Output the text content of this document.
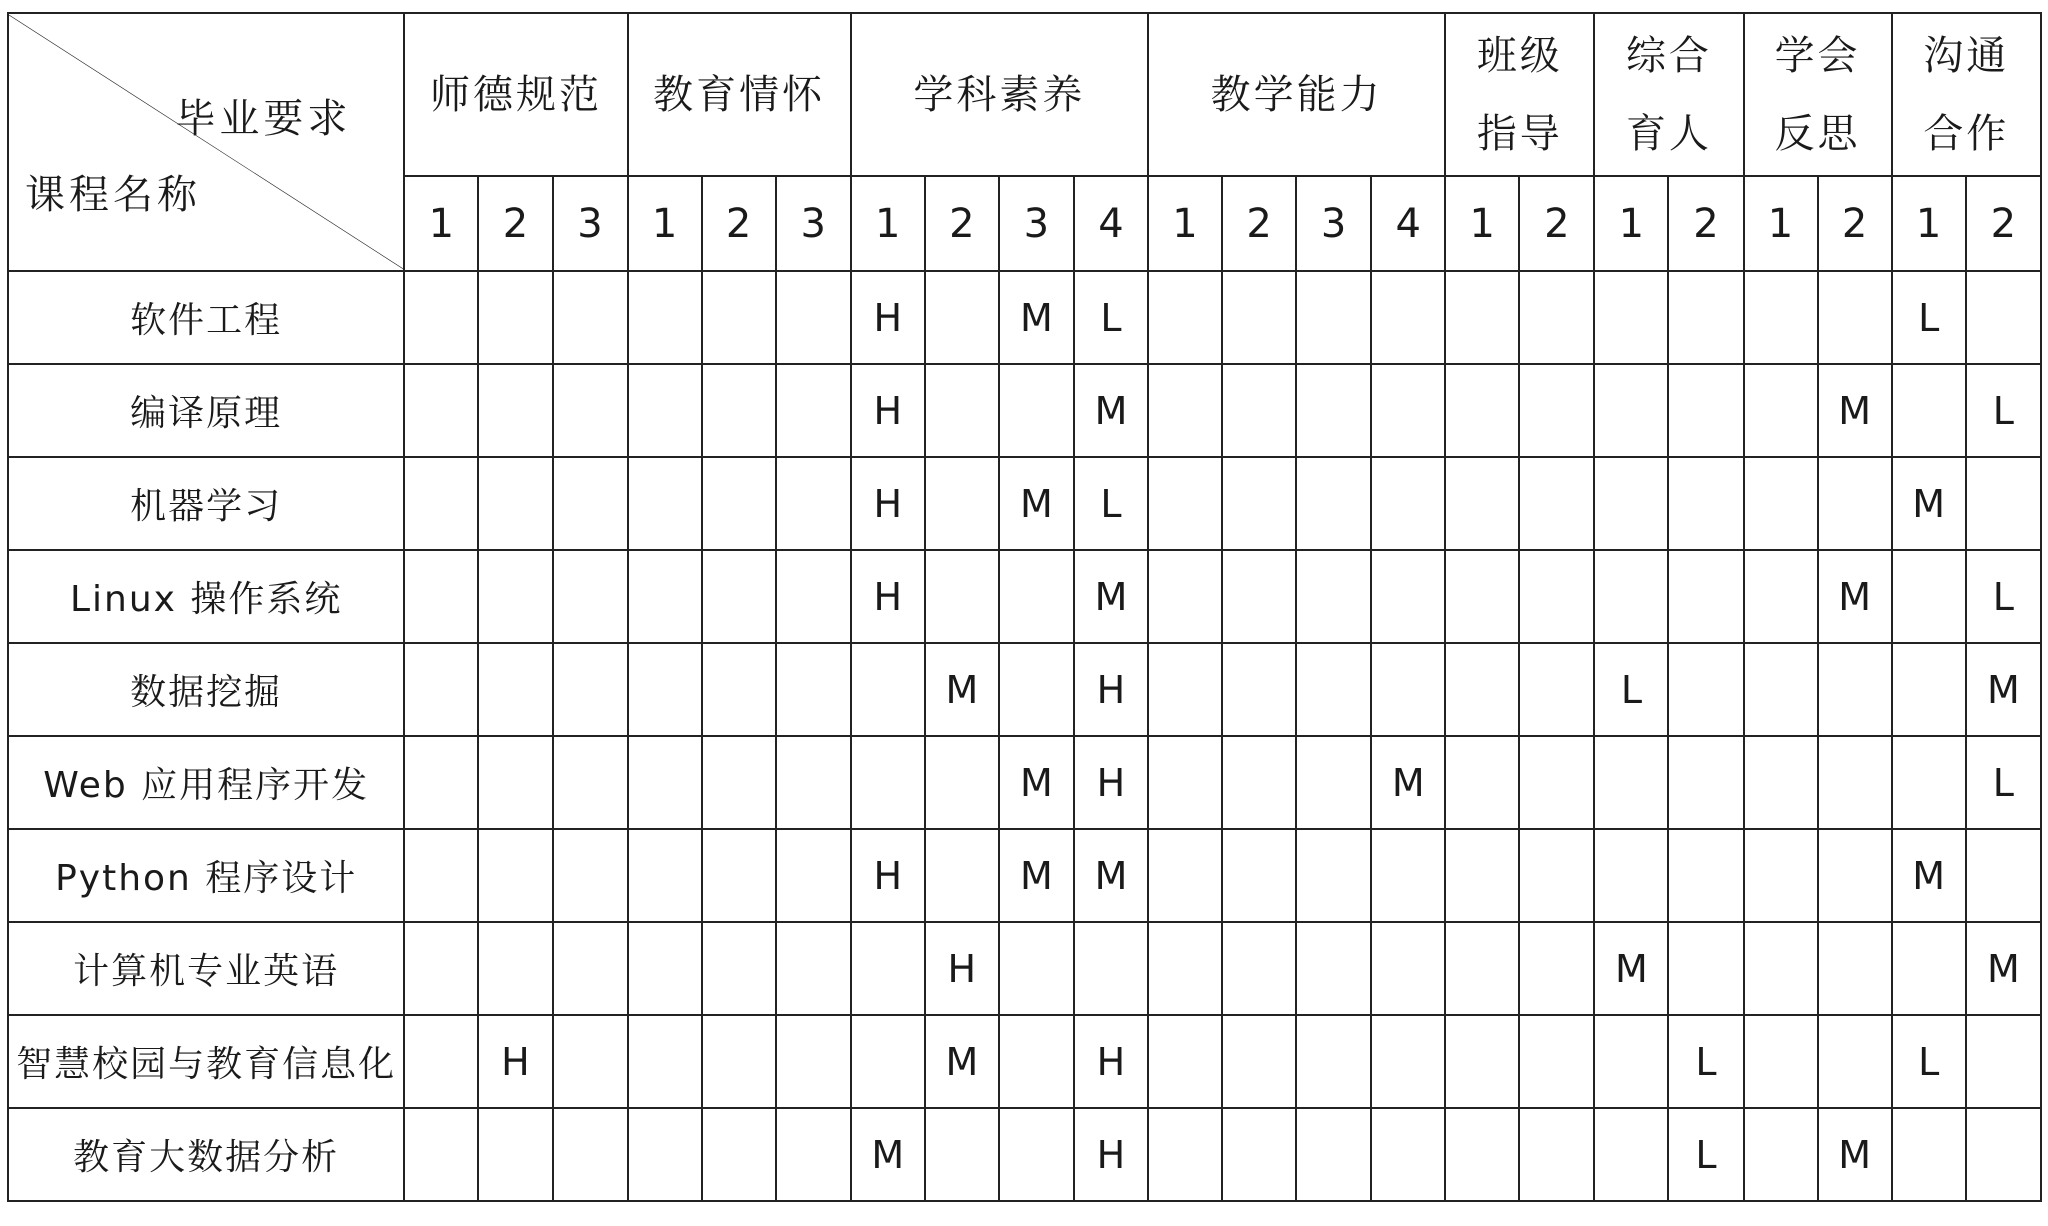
毕业要求
课程名称	师德规范			教育情怀			学科素养				教学能力				班级指导		综合育人		学会反思		沟通合作	
	1	2	3	1	2	3	1	2	3	4	1	2	3	4	1	2	1	2	1	2	1	2
软件工程							H		M	L											L	
编译原理							H			M										M		L
机器学习							H		M	L											M	
Linux 操作系统							H			M										M		L
数据挖掘								M		H							L					M
Web 应用程序开发									M	H				M								L
Python 程序设计							H		M	M											M	
计算机专业英语								H									M					M
智慧校园与教育信息化		H						M		H								L			L	
教育大数据分析							M			H								L		M		
